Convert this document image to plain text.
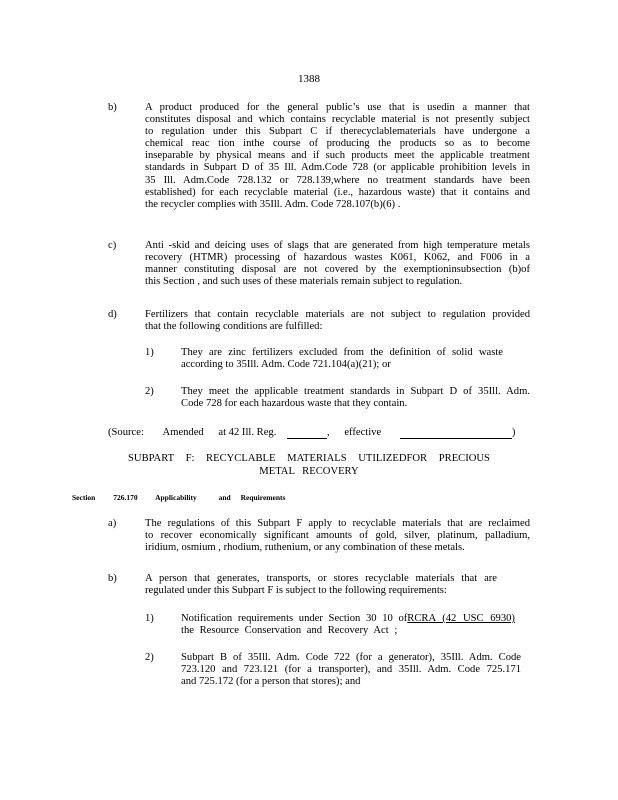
1388
b)	A product produced for the general public’s use that is usedin a manner that
constitutes disposal and which contains recyclable material is not presently subject
to regulation under this Subpart C if therecyclablematerials have undergone a
chemical reac tion inthe course of producing the products so as to become
inseparable by physical means and if such products meet the applicable treatment
standards in Subpart D of 35 Ill. Adm.Code 728 (or applicable prohibition levels in
35 Ill. Adm.Code 728.132 or 728.139,where no treatment standards have been
established) for each recyclable material (i.e., hazardous waste) that it contains and
the recycler complies with 35Ill. Adm. Code 728.107(b)(6) .
c)	Anti -skid and deicing uses of slags that are generated from high temperature metals
recovery (HTMR) processing of hazardous wastes K061, K062, and F006 in a
manner constituting disposal are not covered by the exemptioninsubsection (b)of
this Section , and such uses of these materials remain subject to regulation.
d)	Fertilizers that contain recyclable materials are not subject to regulation provided
that the following conditions are fulfilled:
1)	They are zinc fertilizers excluded from the definition of solid waste
according to 35Ill. Adm. Code 721.104(a)(21); or
2)	They meet the applicable treatment standards in Subpart D of 35Ill. Adm.
Code 728 for each hazardous waste that they contain.
(Source: Amended at 42 Ill. Reg.	, effective	)
SUBPART F: RECYCLABLE MATERIALS UTILIZEDFOR PRECIOUS
METAL RECOVERY
Section 726.170 Applicability	and Requirements
a)	The regulations of this Subpart F apply to recyclable materials that are reclaimed
to recover economically significant amounts of gold, silver, platinum, palladium,
iridium, osmium , rhodium, ruthenium, or any combination of these metals.
b)	A person that generates, transports, or stores recyclable materials that are
regulated under this Subpart F is subject to the following requirements:
1)	Notification requirements under Section 30 10 ofRCRA (42 USC 6930)
the Resource Conservation and Recovery Act ;
2)	Subpart B of 35Ill. Adm. Code 722 (for a generator), 35Ill. Adm. Code
723.120 and 723.121 (for a transporter), and 35Ill. Adm. Code 725.171
and 725.172 (for a person that stores); and
